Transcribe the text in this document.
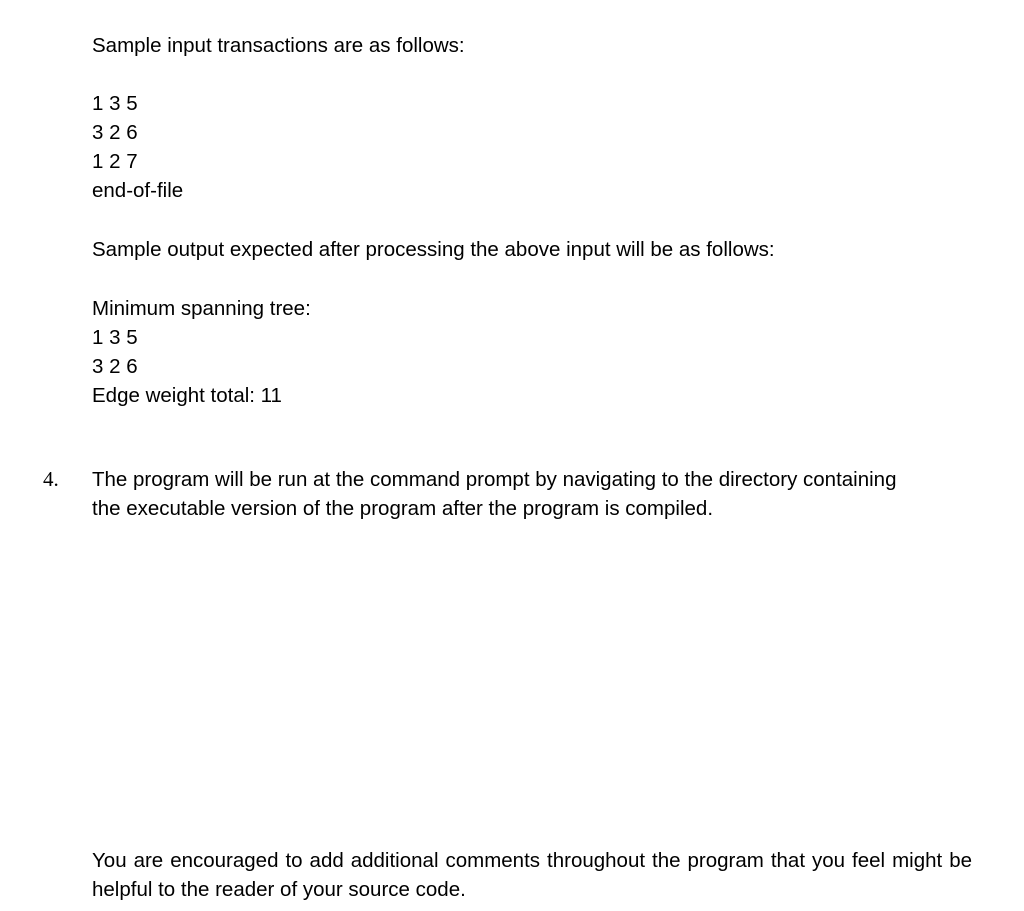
Sample input transactions are as follows:

1 3 5

3 2 6

1 2 7

end-of-file

Sample output expected after processing the above input will be as follows:

Minimum spanning tree:

1 3 5

3 2 6

Edge weight total: 11

4. The program will be run at the command prompt by navigating to the directory containing

the executable version of the program after the program is compiled.

You are encouraged to add additional comments throughout the program that you feel might be helpful to the reader of your source code.
